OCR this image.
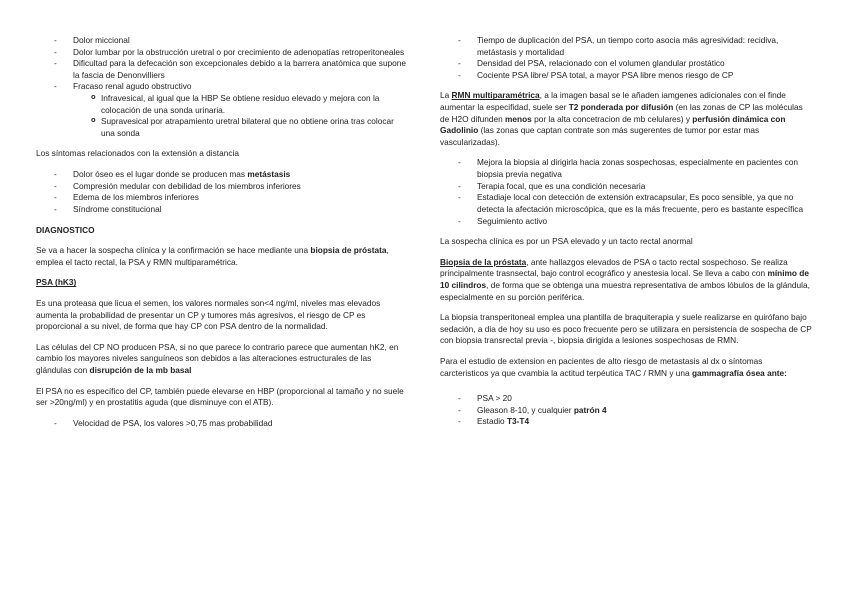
- Dolor miccional
- Dolor lumbar por la obstrucción uretral o por crecimiento de adenopatías retroperitoneales
- Dificultad para la defecación son excepcionales debido a la barrera anatómica que supone la fascia de Denonvilliers
- Fracaso renal agudo obstructivo
o Infravesical, al igual que la HBP Se obtiene residuo elevado y mejora con la colocación de una sonda urinaria.
o Supravesical por atrapamiento uretral bilateral que no obtiene orina tras colocar una sonda

Los síntomas relacionados con la extensión a distancia

- Dolor óseo es el lugar donde se producen mas metástasis
- Compresión medular con debilidad de los miembros inferiores
- Edema de los miembros inferiores
- Síndrome constitucional
DIAGNOSTICO

Se va a hacer la sospecha clínica y la confirmación se hace mediante una biopsia de próstata, emplea el tacto rectal, la PSA y RMN multiparamétrica.

PSA (hK3)

Es una proteasa que licua el semen, los valores normales son<4 ng/ml, niveles mas elevados aumenta la probabilidad de presentar un CP y tumores más agresivos, el riesgo de CP es proporcional a su nivel, de forma que hay CP con PSA dentro de la normalidad.

Las células del CP NO producen PSA, si no que parece lo contrario parece que aumentan hK2, en cambio los mayores niveles sanguíneos son debidos a las alteraciones estructurales de las glándulas con disrupción de la mb basal

El PSA no es específico del CP, también puede elevarse en HBP (proporcional al tamaño y no suele ser >20ng/ml) y en prostatitis aguda (que disminuye con el ATB).

- Velocidad de PSA, los valores >0,75 mas probabilidad
- Tiempo de duplicación del PSA, un tiempo corto asocia más agresividad: recidiva, metástasis y mortalidad
- Densidad del PSA, relacionado con el volumen glandular prostático
- Cociente PSA libre/ PSA total, a mayor PSA libre menos riesgo de CP

La RMN multiparamétrica, a la imagen basal se le añaden iamgenes adicionales con el finde aumentar la especifidad, suele ser T2 ponderada por difusión (en las zonas de CP las moléculas de H2O difunden menos por la alta concetracion de mb celulares) y perfusión dinámica con Gadolinio (las zonas que captan contrate son más sugerentes de tumor por estar mas vascularizadas).

- Mejora la biopsia al dirigirla hacia zonas sospechosas, especialmente en pacientes con biopsia previa negativa
- Terapia focal, que es una condición necesaria
- Estadiaje local con detección de extensión extracapsular, Es poco sensible, ya que no detecta la afectación microscópica, que es la más frecuente, pero es bastante específica
- Seguimiento activo

La sospecha clínica es por un PSA elevado y un tacto rectal anormal

Biopsia de la próstata, ante hallazgos elevados de PSA o tacto rectal sospechoso. Se realiza principalmente trasnsectal, bajo control ecográfico y anestesia local. Se lleva a cabo con mínimo de 10 cilindros, de forma que se obtenga una muestra representativa de ambos lóbulos de la glándula, especialmente en su porción periférica.

La biopsia transperitoneal emplea una plantilla de braquiterapia y suele realizarse en quirófano bajo sedación, a dia de hoy su uso es poco frecuente pero se utilizara en persistencia de sospecha de CP con biopsia transrectal previa -, biopsia dirigida a lesiones sospechosas de RMN.

Para el estudio de extension en pacientes de alto riesgo de metastasis al dx o síntomas carcteristicos ya que cvambia la actitud terpéutica TAC / RMN y una gammagrafía ósea ante:

- PSA > 20
- Gleason 8-10, y cualquier patrón 4
- Estadio T3-T4
